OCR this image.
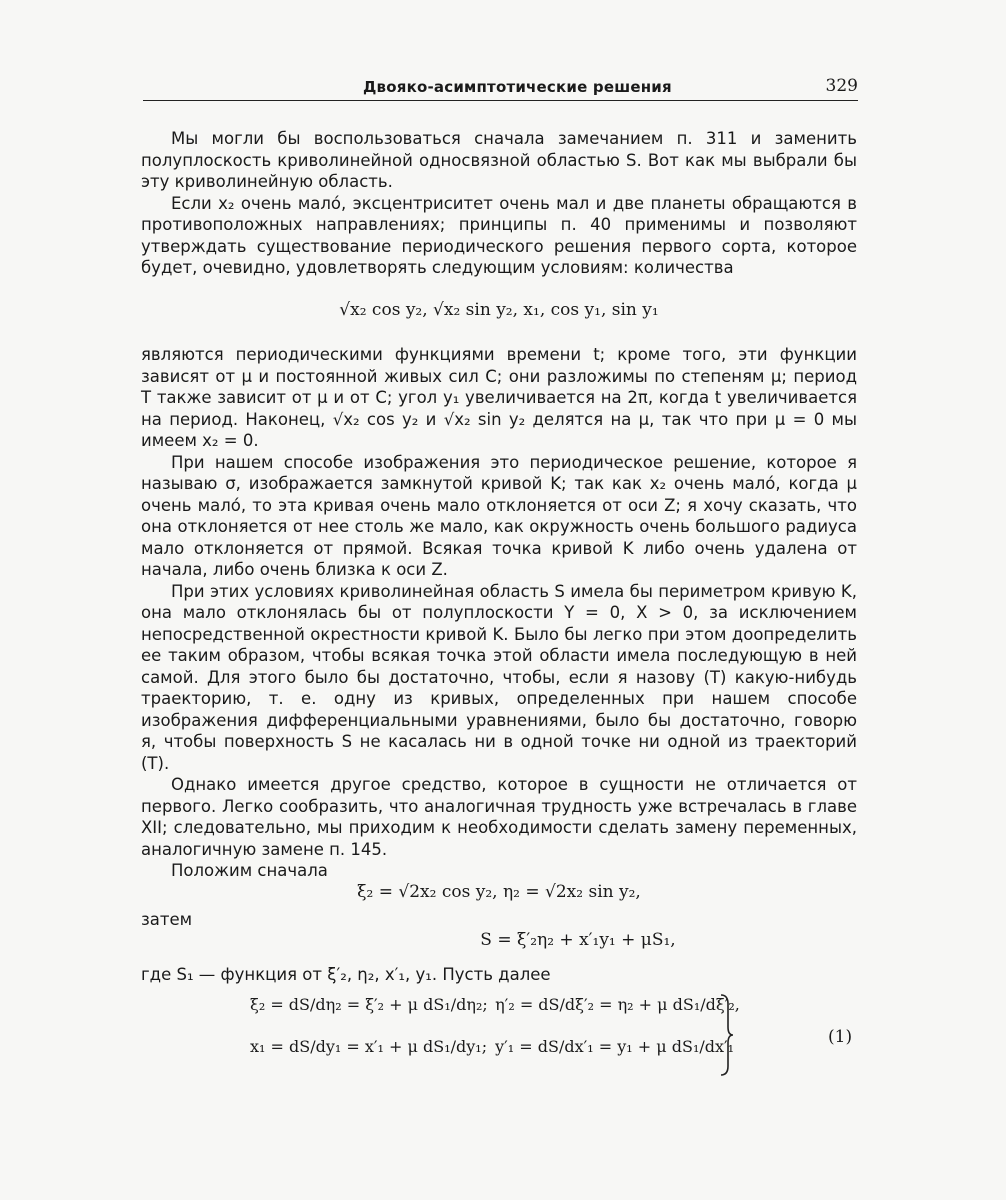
Двояко-асимптотические решения	329

Мы могли бы воспользоваться сначала замечанием п. 311 и заменить полуплоскость криволинейной односвязной областью S. Вот как мы выбрали бы эту криволинейную область.

Если x₂ очень мало́, эксцентриситет очень мал и две планеты обращаются в противоположных направлениях; принципы п. 40 применимы и позволяют утверждать существование периодического решения первого сорта, которое будет, очевидно, удовлетворять следующим условиям: количества

√x₂ cos y₂, √x₂ sin y₂, x₁, cos y₁, sin y₁

являются периодическими функциями времени t; кроме того, эти функции зависят от μ и постоянной живых сил C; они разложимы по степеням μ; период T также зависит от μ и от C; угол y₁ увеличивается на 2π, когда t увеличивается на период. Наконец, √x₂ cos y₂ и √x₂ sin y₂ делятся на μ, так что при μ = 0 мы имеем x₂ = 0.

При нашем способе изображения это периодическое решение, которое я называю σ, изображается замкнутой кривой K; так как x₂ очень мало́, когда μ очень мало́, то эта кривая очень мало отклоняется от оси Z; я хочу сказать, что она отклоняется от нее столь же мало, как окружность очень большого радиуса мало отклоняется от прямой. Всякая точка кривой K либо очень удалена от начала, либо очень близка к оси Z.

При этих условиях криволинейная область S имела бы периметром кривую K, она мало отклонялась бы от полуплоскости Y = 0, X > 0, за исключением непосредственной окрестности кривой K. Было бы легко при этом доопределить ее таким образом, чтобы всякая точка этой области имела последующую в ней самой. Для этого было бы достаточно, чтобы, если я назову (T) какую-нибудь траекторию, т. е. одну из кривых, определенных при нашем способе изображения дифференциальными уравнениями, было бы достаточно, говорю я, чтобы поверхность S не касалась ни в одной точке ни одной из траекторий (T).

Однако имеется другое средство, которое в сущности не отличается от первого. Легко сообразить, что аналогичная трудность уже встречалась в главе XII; следовательно, мы приходим к необходимости сделать замену переменных, аналогичную замене п. 145.

Положим сначала

ξ₂ = √2x₂ cos y₂, η₂ = √2x₂ sin y₂,
затем
S = ξ′₂η₂ + x′₁y₁ + μS₁,
где S₁ — функция от ξ′₂, η₂, x′₁, y₁. Пусть далее
ξ₂ = dS/dη₂ = ξ′₂ + μ dS₁/dη₂; η′₂ = dS/dξ′₂ = η₂ + μ dS₁/dξ′₂,
x₁ = dS/dy₁ = x′₁ + μ dS₁/dy₁; y′₁ = dS/dx′₁ = y₁ + μ dS₁/dx′₁	(1)
